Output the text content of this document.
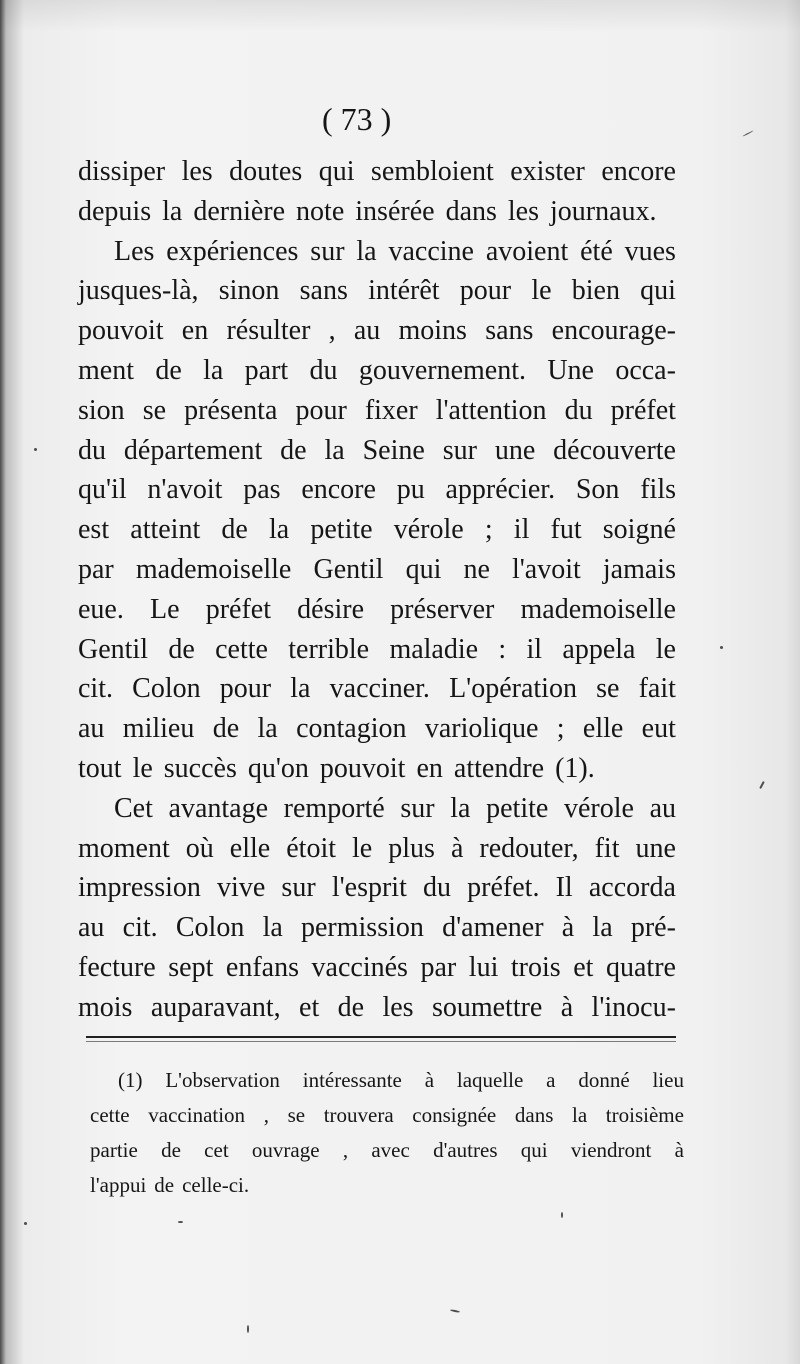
( 73 )
dissiper les doutes qui sembloient exister encore
depuis la dernière note insérée dans les journaux.
Les expériences sur la vaccine avoient été vues
jusques-là, sinon sans intérêt pour le bien qui
pouvoit en résulter , au moins sans encourage-
ment de la part du gouvernement. Une occa-
sion se présenta pour fixer l'attention du préfet
du département de la Seine sur une découverte
qu'il n'avoit pas encore pu apprécier. Son fils
est atteint de la petite vérole ; il fut soigné
par mademoiselle Gentil qui ne l'avoit jamais
eue. Le préfet désire préserver mademoiselle
Gentil de cette terrible maladie : il appela le
cit. Colon pour la vacciner. L'opération se fait
au milieu de la contagion variolique ; elle eut
tout le succès qu'on pouvoit en attendre (1).
Cet avantage remporté sur la petite vérole au
moment où elle étoit le plus à redouter, fit une
impression vive sur l'esprit du préfet. Il accorda
au cit. Colon la permission d'amener à la pré-
fecture sept enfans vaccinés par lui trois et quatre
mois auparavant, et de les soumettre à l'inocu-
(1) L'observation intéressante à laquelle a donné lieu
cette vaccination , se trouvera consignée dans la troisième
partie de cet ouvrage , avec d'autres qui viendront à
l'appui de celle-ci.
